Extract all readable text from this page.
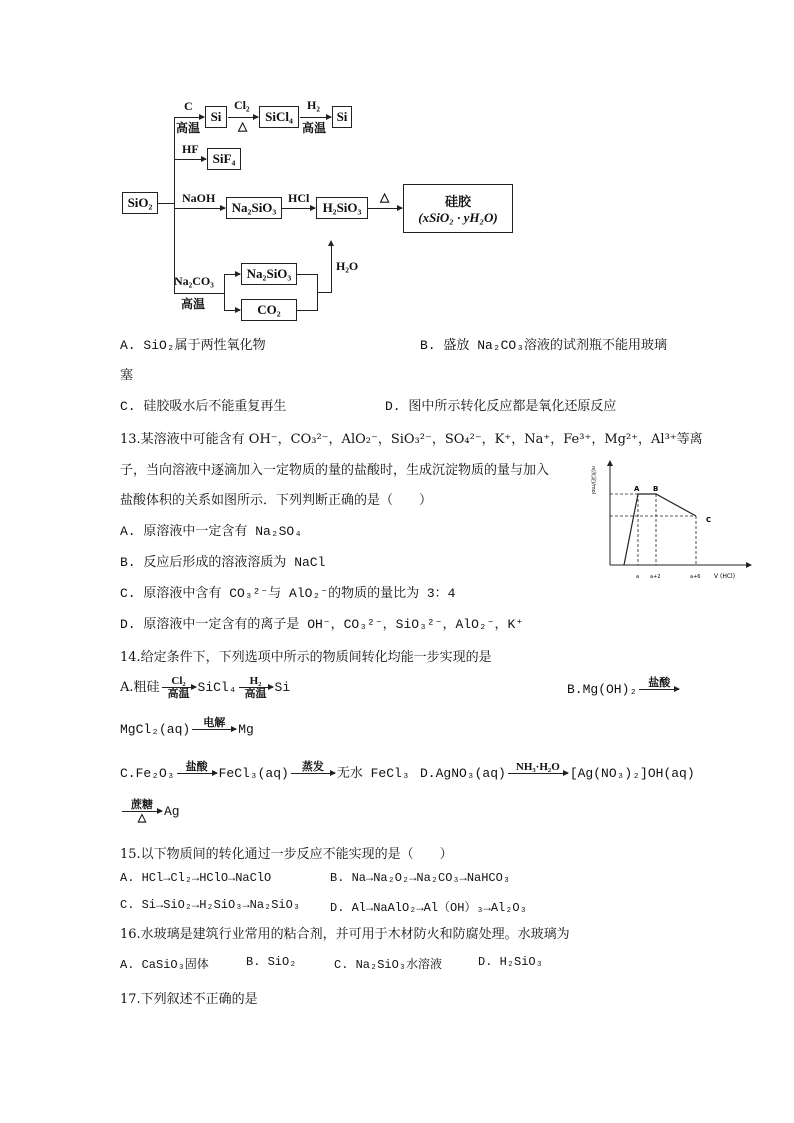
SiO₂
Si	SiCl₄	Si
SiF₄
Na₂SiO₃	H₂SiO₃	硅胶
(xSiO₂ · yH₂O)
Na₂SiO₃
CO₂
C
高温
Cl₂
△
H₂
高温
HF
NaOH	HCl	△
Na₂CO₃
高温
H₂O
A. SiO₂属于两性氧化物	B. 盛放 Na₂CO₃溶液的试剂瓶不能用玻璃
塞
C. 硅胶吸水后不能重复再生	D. 图中所示转化反应都是氧化还原反应
13.某溶液中可能含有 OH⁻，CO₃²⁻，AlO₂⁻，SiO₃²⁻，SO₄²⁻，K⁺，Na⁺，Fe³⁺，Mg²⁺，Al³⁺等离
子，当向溶液中逐滴加入一定物质的量的盐酸时，生成沉淀物质的量与加入
盐酸体积的关系如图所示．下列判断正确的是（　　）
A. 原溶液中一定含有 Na₂SO₄
B. 反应后形成的溶液溶质为 NaCl
C. 原溶液中含有 CO₃²⁻与 AlO₂⁻的物质的量比为 3：4
D. 原溶液中一定含有的离子是 OH⁻，CO₃²⁻，SiO₃²⁻，AlO₂⁻，K⁺
n(沉淀)/mol
V (HCl)
A B
C
a a+2	a+6
14.给定条件下，下列选项中所示的物质间转化均能一步实现的是
A.粗硅	Cl₂
高温 SiCl₄	H₂
高温 Si	B.Mg(OH)₂	盐酸

MgCl₂(aq)	电解
	Mg
C.Fe₂O₃	盐酸
FeCl₃(aq)	蒸发
	无水 FeCl₃ D.AgNO₃(aq) NH₃·H₂O
[Ag(NO₃)₂]OH(aq)
蔗糖
△	Ag
15.以下物质间的转化通过一步反应不能实现的是（　　）
A. HCl→Cl₂→HClO→NaClO	B. Na→Na₂O₂→Na₂CO₃→NaHCO₃
C. Si→SiO₂→H₂SiO₃→Na₂SiO₃ D. Al→NaAlO₂→Al（OH）₃→Al₂O₃
16.水玻璃是建筑行业常用的粘合剂，并可用于木材防火和防腐处理。水玻璃为
A. CaSiO₃固体	B. SiO₂	C. Na₂SiO₃水溶液	D. H₂SiO₃
17.下列叙述不正确的是
